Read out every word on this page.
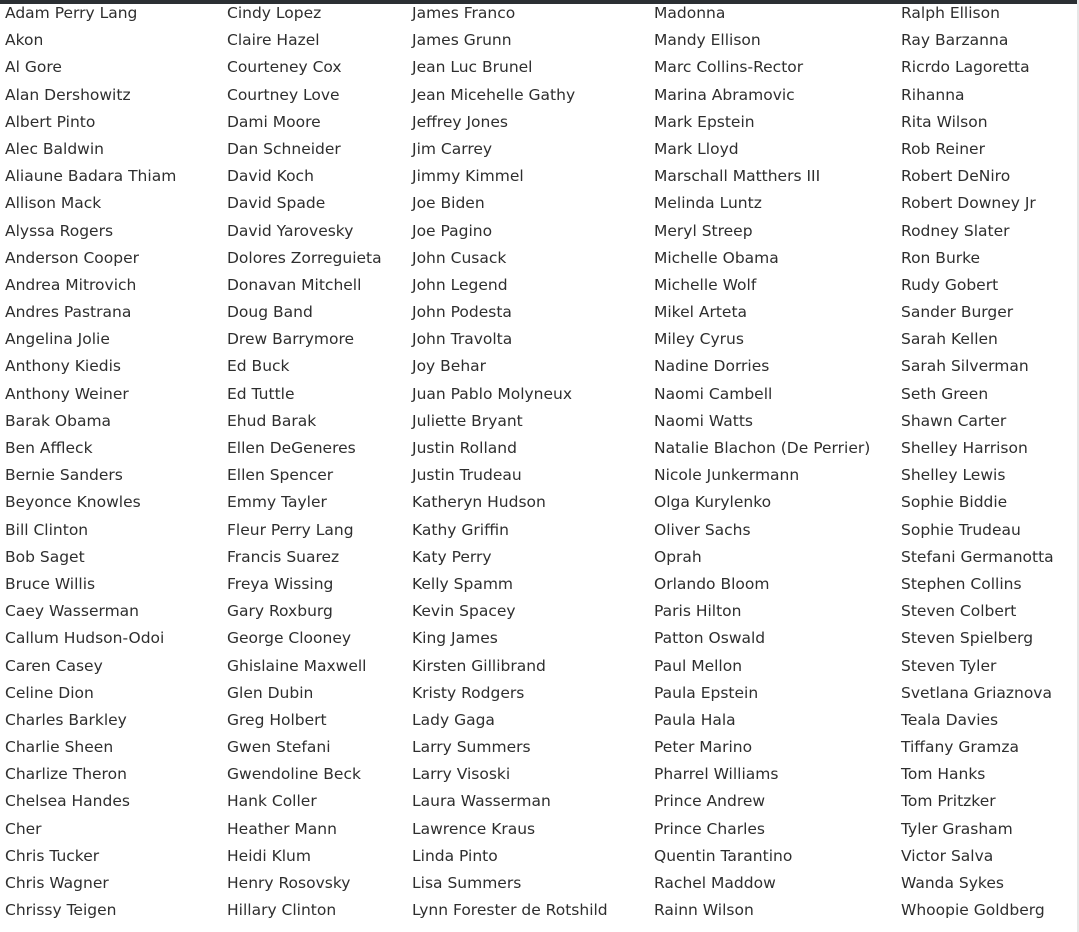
Adam Perry Lang
Akon
Al Gore
Alan Dershowitz
Albert Pinto
Alec Baldwin
Aliaune Badara Thiam
Allison Mack
Alyssa Rogers
Anderson Cooper
Andrea Mitrovich
Andres Pastrana
Angelina Jolie
Anthony Kiedis
Anthony Weiner
Barak Obama
Ben Affleck
Bernie Sanders
Beyonce Knowles
Bill Clinton
Bob Saget
Bruce Willis
Caey Wasserman
Callum Hudson-Odoi
Caren Casey
Celine Dion
Charles Barkley
Charlie Sheen
Charlize Theron
Chelsea Handes
Cher
Chris Tucker
Chris Wagner
Chrissy Teigen
Cindy Lopez
Claire Hazel
Courteney Cox
Courtney Love
Dami Moore
Dan Schneider
David Koch
David Spade
David Yarovesky
Dolores Zorreguieta
Donavan Mitchell
Doug Band
Drew Barrymore
Ed Buck
Ed Tuttle
Ehud Barak
Ellen DeGeneres
Ellen Spencer
Emmy Tayler
Fleur Perry Lang
Francis Suarez
Freya Wissing
Gary Roxburg
George Clooney
Ghislaine Maxwell
Glen Dubin
Greg Holbert
Gwen Stefani
Gwendoline Beck
Hank Coller
Heather Mann
Heidi Klum
Henry Rosovsky
Hillary Clinton
James Franco
James Grunn
Jean Luc Brunel
Jean Micehelle Gathy
Jeffrey Jones
Jim Carrey
Jimmy Kimmel
Joe Biden
Joe Pagino
John Cusack
John Legend
John Podesta
John Travolta
Joy Behar
Juan Pablo Molyneux
Juliette Bryant
Justin Rolland
Justin Trudeau
Katheryn Hudson
Kathy Griffin
Katy Perry
Kelly Spamm
Kevin Spacey
King James
Kirsten Gillibrand
Kristy Rodgers
Lady Gaga
Larry Summers
Larry Visoski
Laura Wasserman
Lawrence Kraus
Linda Pinto
Lisa Summers
Lynn Forester de Rotshild
Madonna
Mandy Ellison
Marc Collins-Rector
Marina Abramovic
Mark Epstein
Mark Lloyd
Marschall Matthers III
Melinda Luntz
Meryl Streep
Michelle Obama
Michelle Wolf
Mikel Arteta
Miley Cyrus
Nadine Dorries
Naomi Cambell
Naomi Watts
Natalie Blachon (De Perrier)
Nicole Junkermann
Olga Kurylenko
Oliver Sachs
Oprah
Orlando Bloom
Paris Hilton
Patton Oswald
Paul Mellon
Paula Epstein
Paula Hala
Peter Marino
Pharrel Williams
Prince Andrew
Prince Charles
Quentin Tarantino
Rachel Maddow
Rainn Wilson
Ralph Ellison
Ray Barzanna
Ricrdo Lagoretta
Rihanna
Rita Wilson
Rob Reiner
Robert DeNiro
Robert Downey Jr
Rodney Slater
Ron Burke
Rudy Gobert
Sander Burger
Sarah Kellen
Sarah Silverman
Seth Green
Shawn Carter
Shelley Harrison
Shelley Lewis
Sophie Biddie
Sophie Trudeau
Stefani Germanotta
Stephen Collins
Steven Colbert
Steven Spielberg
Steven Tyler
Svetlana Griaznova
Teala Davies
Tiffany Gramza
Tom Hanks
Tom Pritzker
Tyler Grasham
Victor Salva
Wanda Sykes
Whoopie Goldberg
